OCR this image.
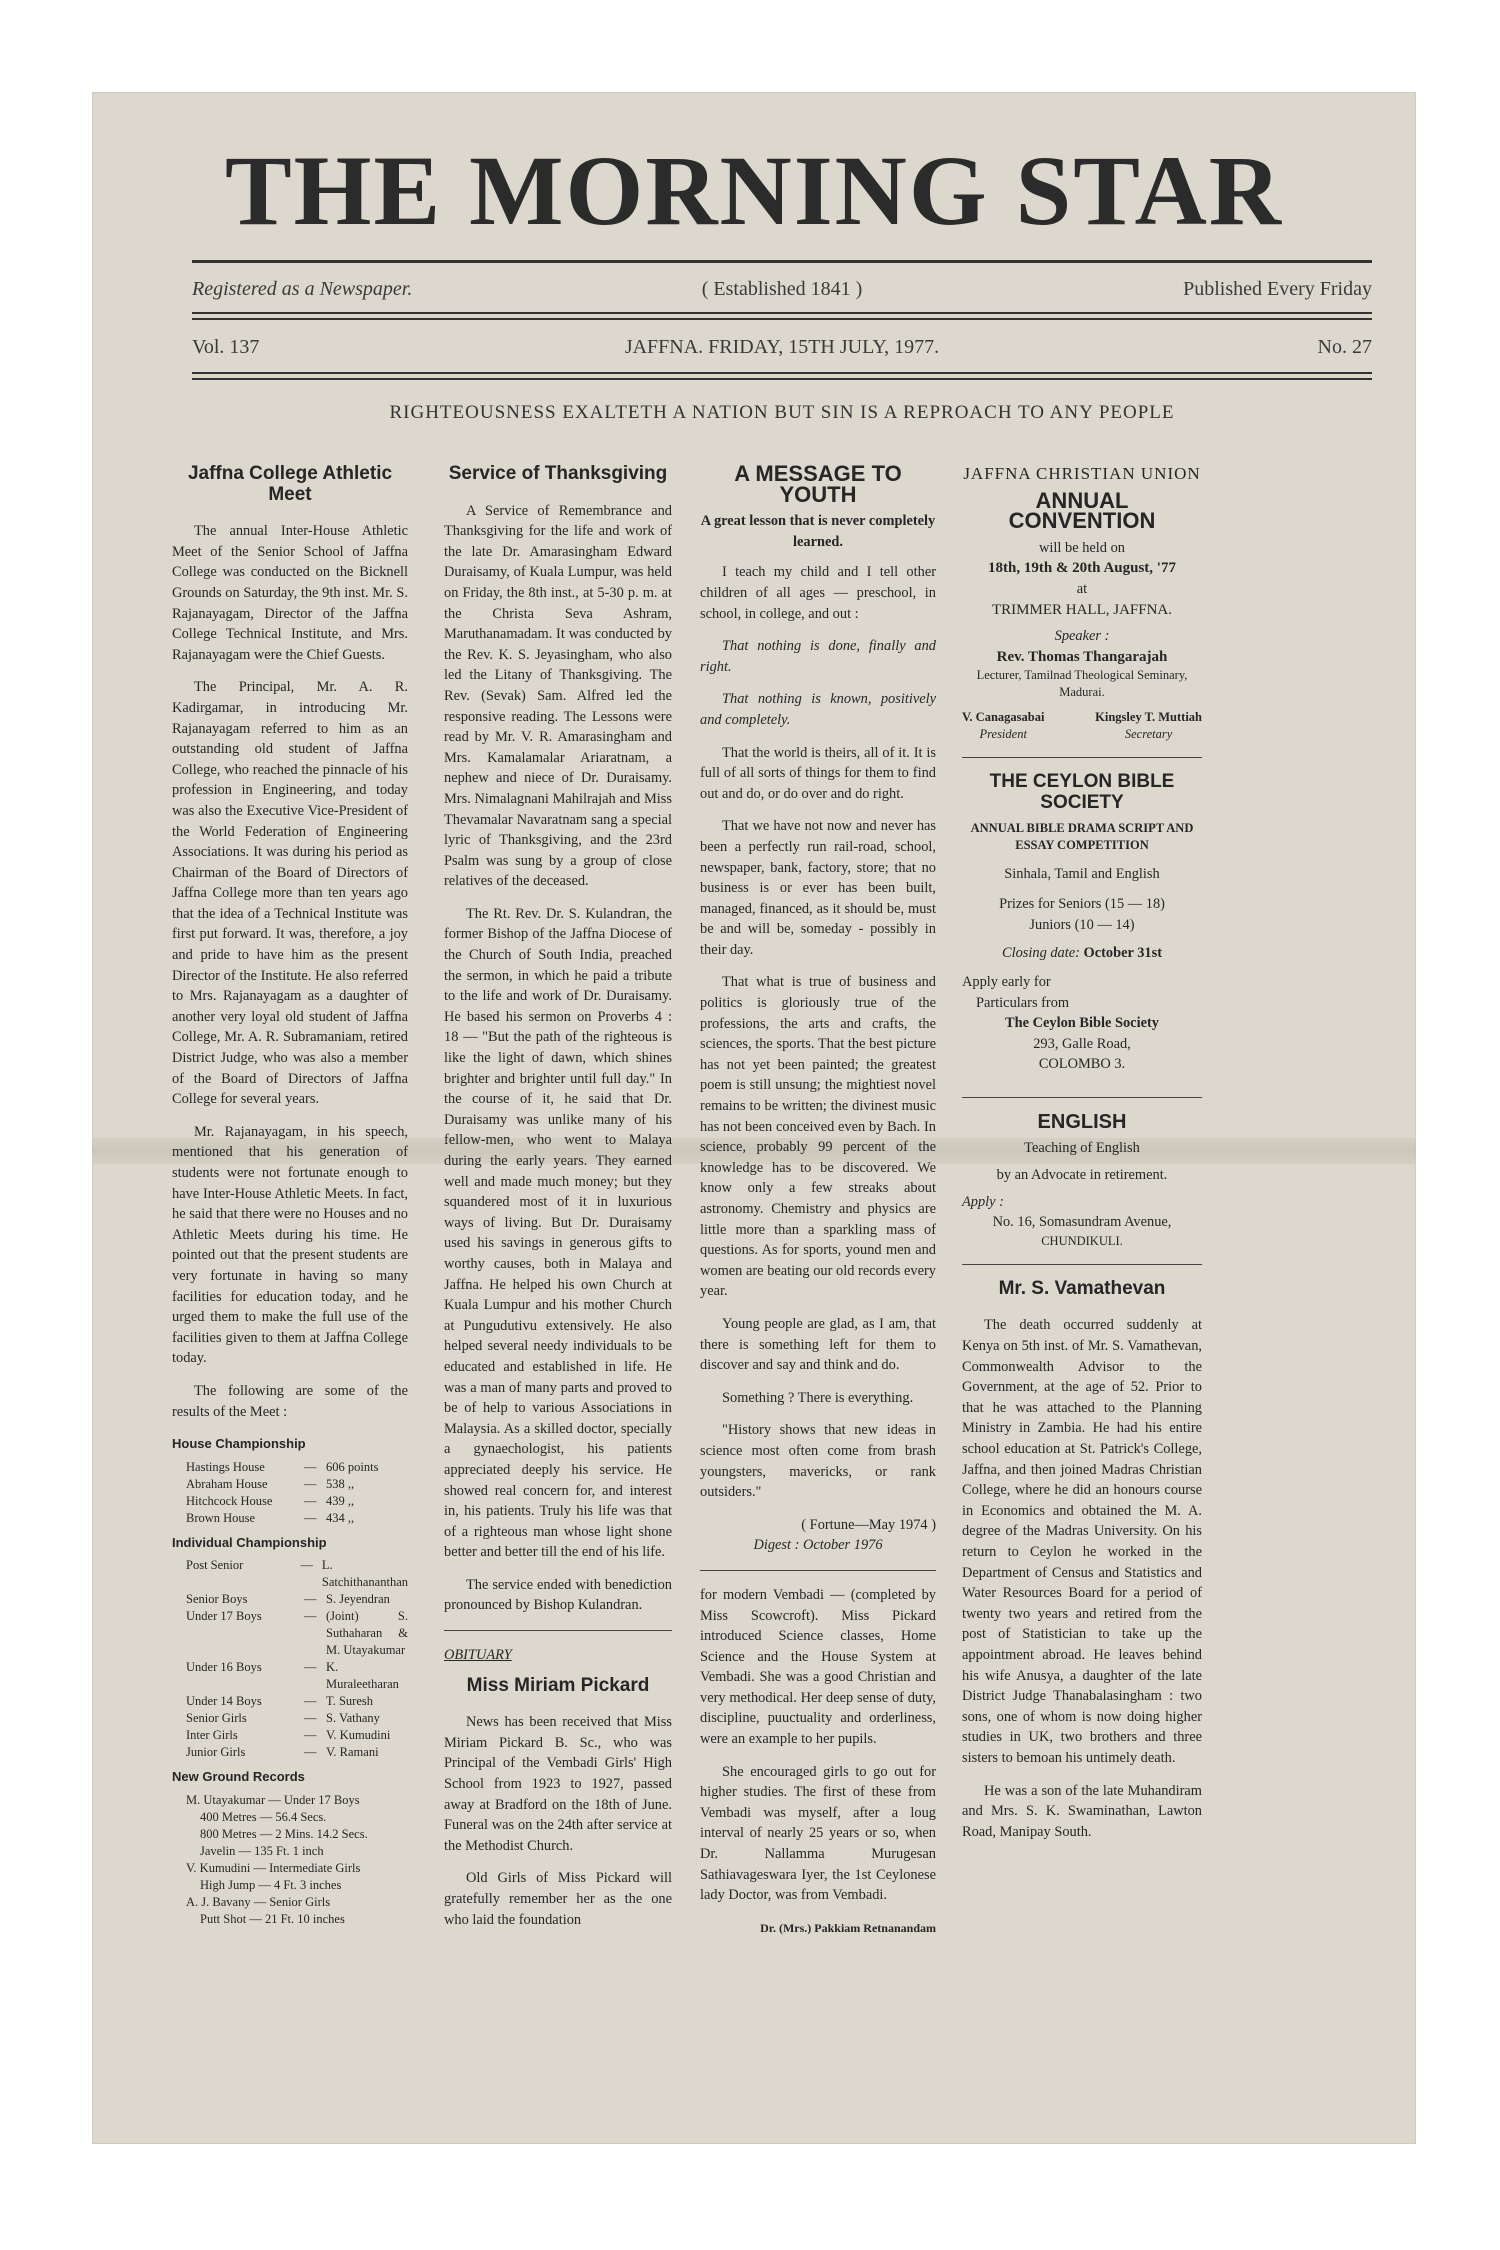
THE MORNING STAR
Registered as a Newspaper.	( Established 1841 )	Published Every Friday
Vol. 137	JAFFNA. FRIDAY, 15TH JULY, 1977.	No. 27
RIGHTEOUSNESS EXALTETH A NATION BUT SIN IS A REPROACH TO ANY PEOPLE
Jaffna College Athletic Meet

The annual Inter-House Athletic Meet of the Senior School of Jaffna College was conducted on the Bicknell Grounds on Saturday, the 9th inst. Mr. S. Rajanayagam, Director of the Jaffna College Technical Institute, and Mrs. Rajanayagam were the Chief Guests.

The Principal, Mr. A. R. Kadirgamar, in introducing Mr. Rajanayagam referred to him as an outstanding old student of Jaffna College, who reached the pinnacle of his profession in Engineering, and today was also the Executive Vice-President of the World Federation of Engineering Associations. It was during his period as Chairman of the Board of Directors of Jaffna College more than ten years ago that the idea of a Technical Institute was first put forward. It was, therefore, a joy and pride to have him as the present Director of the Institute. He also referred to Mrs. Rajanayagam as a daughter of another very loyal old student of Jaffna College, Mr. A. R. Subramaniam, retired District Judge, who was also a member of the Board of Directors of Jaffna College for several years.

Mr. Rajanayagam, in his speech, mentioned that his generation of students were not fortunate enough to have Inter-House Athletic Meets. In fact, he said that there were no Houses and no Athletic Meets during his time. He pointed out that the present students are very fortunate in having so many facilities for education today, and he urged them to make the full use of the facilities given to them at Jaffna College today.

The following are some of the results of the Meet :

House Championship
Hastings House	— 606 points
Abraham House	— 538 ,,
Hitchcock House	— 439 ,,
Brown House	— 434 ,,
Individual Championship
Post Senior	— L. Satchithananthan
Senior Boys	— S. Jeyendran
Under 17 Boys	— (Joint) S. Suthaharan & M. Utayakumar
Under 16 Boys	— K. Muraleetharan
Under 14 Boys	— T. Suresh
Senior Girls	— S. Vathany
Inter Girls	— V. Kumudini
Junior Girls	— V. Ramani
New Ground Records
M. Utayakumar — Under 17 Boys
400 Metres — 56.4 Secs.
800 Metres — 2 Mins. 14.2 Secs.
Javelin — 135 Ft. 1 inch
V. Kumudini — Intermediate Girls
High Jump — 4 Ft. 3 inches
A. J. Bavany — Senior Girls
Putt Shot — 21 Ft. 10 inches
Service of Thanksgiving

A Service of Remembrance and Thanksgiving for the life and work of the late Dr. Amarasingham Edward Duraisamy, of Kuala Lumpur, was held on Friday, the 8th inst., at 5-30 p. m. at the Christa Seva Ashram, Maruthanamadam. It was conducted by the Rev. K. S. Jeyasingham, who also led the Litany of Thanksgiving. The Rev. (Sevak) Sam. Alfred led the responsive reading. The Lessons were read by Mr. V. R. Amarasingham and Mrs. Kamalamalar Ariaratnam, a nephew and niece of Dr. Duraisamy. Mrs. Nimalagnani Mahilrajah and Miss Thevamalar Navaratnam sang a special lyric of Thanksgiving, and the 23rd Psalm was sung by a group of close relatives of the deceased.

The Rt. Rev. Dr. S. Kulandran, the former Bishop of the Jaffna Diocese of the Church of South India, preached the sermon, in which he paid a tribute to the life and work of Dr. Duraisamy. He based his sermon on Proverbs 4 : 18 — "But the path of the righteous is like the light of dawn, which shines brighter and brighter until full day." In the course of it, he said that Dr. Duraisamy was unlike many of his fellow-men, who went to Malaya during the early years. They earned well and made much money; but they squandered most of it in luxurious ways of living. But Dr. Duraisamy used his savings in generous gifts to worthy causes, both in Malaya and Jaffna. He helped his own Church at Kuala Lumpur and his mother Church at Pungudutivu extensively. He also helped several needy individuals to be educated and established in life. He was a man of many parts and proved to be of help to various Associations in Malaysia. As a skilled doctor, specially a gynaechologist, his patients appreciated deeply his service. He showed real concern for, and interest in, his patients. Truly his life was that of a righteous man whose light shone better and better till the end of his life.

The service ended with benediction pronounced by Bishop Kulandran.

OBITUARY
Miss Miriam Pickard

News has been received that Miss Miriam Pickard B. Sc., who was Principal of the Vembadi Girls' High School from 1923 to 1927, passed away at Bradford on the 18th of June. Funeral was on the 24th after service at the Methodist Church.

Old Girls of Miss Pickard will gratefully remember her as the one who laid the foundation

A MESSAGE TO YOUTH
A great lesson that is never completely learned.

I teach my child and I tell other children of all ages — preschool, in school, in college, and out :

That nothing is done, finally and right.

That nothing is known, positively and completely.

That the world is theirs, all of it. It is full of all sorts of things for them to find out and do, or do over and do right.

That we have not now and never has been a perfectly run rail-road, school, newspaper, bank, factory, store; that no business is or ever has been built, managed, financed, as it should be, must be and will be, someday - possibly in their day.

That what is true of business and politics is gloriously true of the professions, the arts and crafts, the sciences, the sports. That the best picture has not yet been painted; the greatest poem is still unsung; the mightiest novel remains to be written; the divinest music has not been conceived even by Bach. In science, probably 99 percent of the knowledge has to be discovered. We know only a few streaks about astronomy. Chemistry and physics are little more than a sparkling mass of questions. As for sports, yound men and women are beating our old records every year.

Young people are glad, as I am, that there is something left for them to discover and say and think and do.

Something ? There is everything.

"History shows that new ideas in science most often come from brash youngsters, mavericks, or rank outsiders."

( Fortune—May 1974 )
Digest : October 1976

for modern Vembadi — (completed by Miss Scowcroft). Miss Pickard introduced Science classes, Home Science and the House System at Vembadi. She was a good Christian and very methodical. Her deep sense of duty, discipline, puuctuality and orderliness, were an example to her pupils.

She encouraged girls to go out for higher studies. The first of these from Vembadi was myself, after a loug interval of nearly 25 years or so, when Dr. Nallamma Murugesan Sathiavageswara Iyer, the 1st Ceylonese lady Doctor, was from Vembadi.

Dr. (Mrs.) Pakkiam Retnanandam
JAFFNA CHRISTIAN UNION
ANNUAL CONVENTION
will be held on
18th, 19th & 20th August, '77
at
TRIMMER HALL, JAFFNA.
Speaker :
Rev. Thomas Thangarajah
Lecturer, Tamilnad Theological Seminary, Madurai.
V. Canagasabai
President
Kingsley T. Muttiah
Secretary
THE CEYLON BIBLE SOCIETY
ANNUAL BIBLE DRAMA SCRIPT AND ESSAY COMPETITION
Sinhala, Tamil and English
Prizes for Seniors (15 — 18)
Juniors (10 — 14)
Closing date: October 31st
Apply early for
Particulars from
The Ceylon Bible Society
293, Galle Road,
COLOMBO 3.
ENGLISH
Teaching of English
by an Advocate in retirement.
Apply :
No. 16, Somasundram Avenue,
CHUNDIKULI.
Mr. S. Vamathevan

The death occurred suddenly at Kenya on 5th inst. of Mr. S. Vamathevan, Commonwealth Advisor to the Government, at the age of 52. Prior to that he was attached to the Planning Ministry in Zambia. He had his entire school education at St. Patrick's College, Jaffna, and then joined Madras Christian College, where he did an honours course in Economics and obtained the M. A. degree of the Madras University. On his return to Ceylon he worked in the Department of Census and Statistics and Water Resources Board for a period of twenty two years and retired from the post of Statistician to take up the appointment abroad. He leaves behind his wife Anusya, a daughter of the late District Judge Thanabalasingham : two sons, one of whom is now doing higher studies in UK, two brothers and three sisters to bemoan his untimely death.

He was a son of the late Muhandiram and Mrs. S. K. Swaminathan, Lawton Road, Manipay South.
